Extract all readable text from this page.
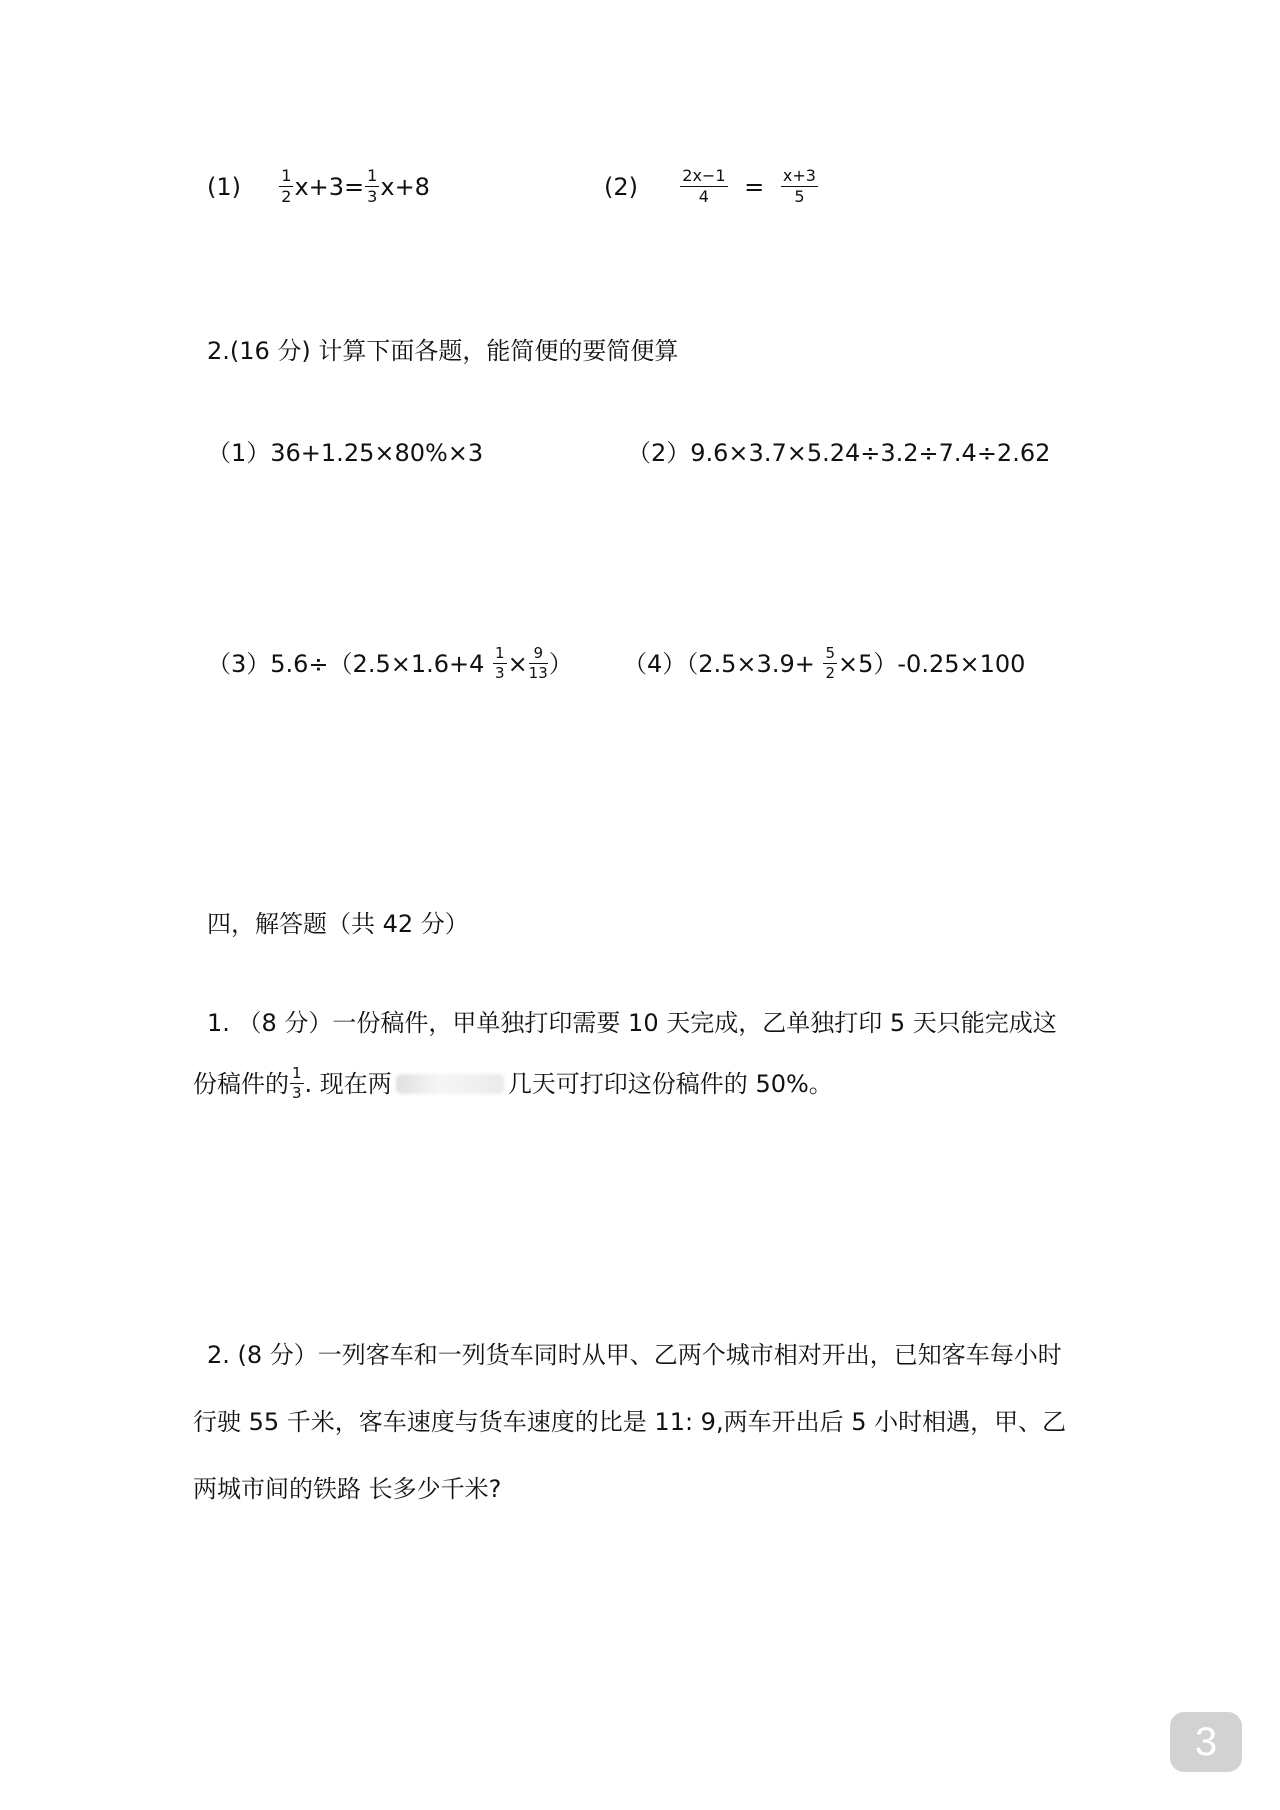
$(1) \frac{1}{2} x+3= \frac{1}{3} x+8$	(2)	$\frac{2x-1}{4} = \frac{x+3}{5}$
2.(16 分) 计算下面各题，能简便的要简便算
（1）36+1.25×80%×3	（2）9.6×3.7×5.24÷3.2÷7.4÷2.62
$(3)5.6\div(2.5\times 1.6+4 \frac{1}{3} \times \frac{9}{13}$ ） $(4)(2.5\times 3.9+ \frac{5}{2} \times 5)-0.25\times 100$
四，解答题（共 42 分）
1. （8 分）一份稿件，甲单独打印需要 10 天完成，乙单独打印 5 天只能完成这
份稿件的 $\frac{1}{3}$ . 现在两	几天可打印这份稿件的 50%。
2. (8 分）一列客车和一列货车同时从甲、乙两个城市相对开出，已知客车每小时
行驶 55 千米，客车速度与货车速度的比是 11: 9,两车开出后 5 小时相遇，甲、乙
两城市间的铁路 长多少千米?
3
